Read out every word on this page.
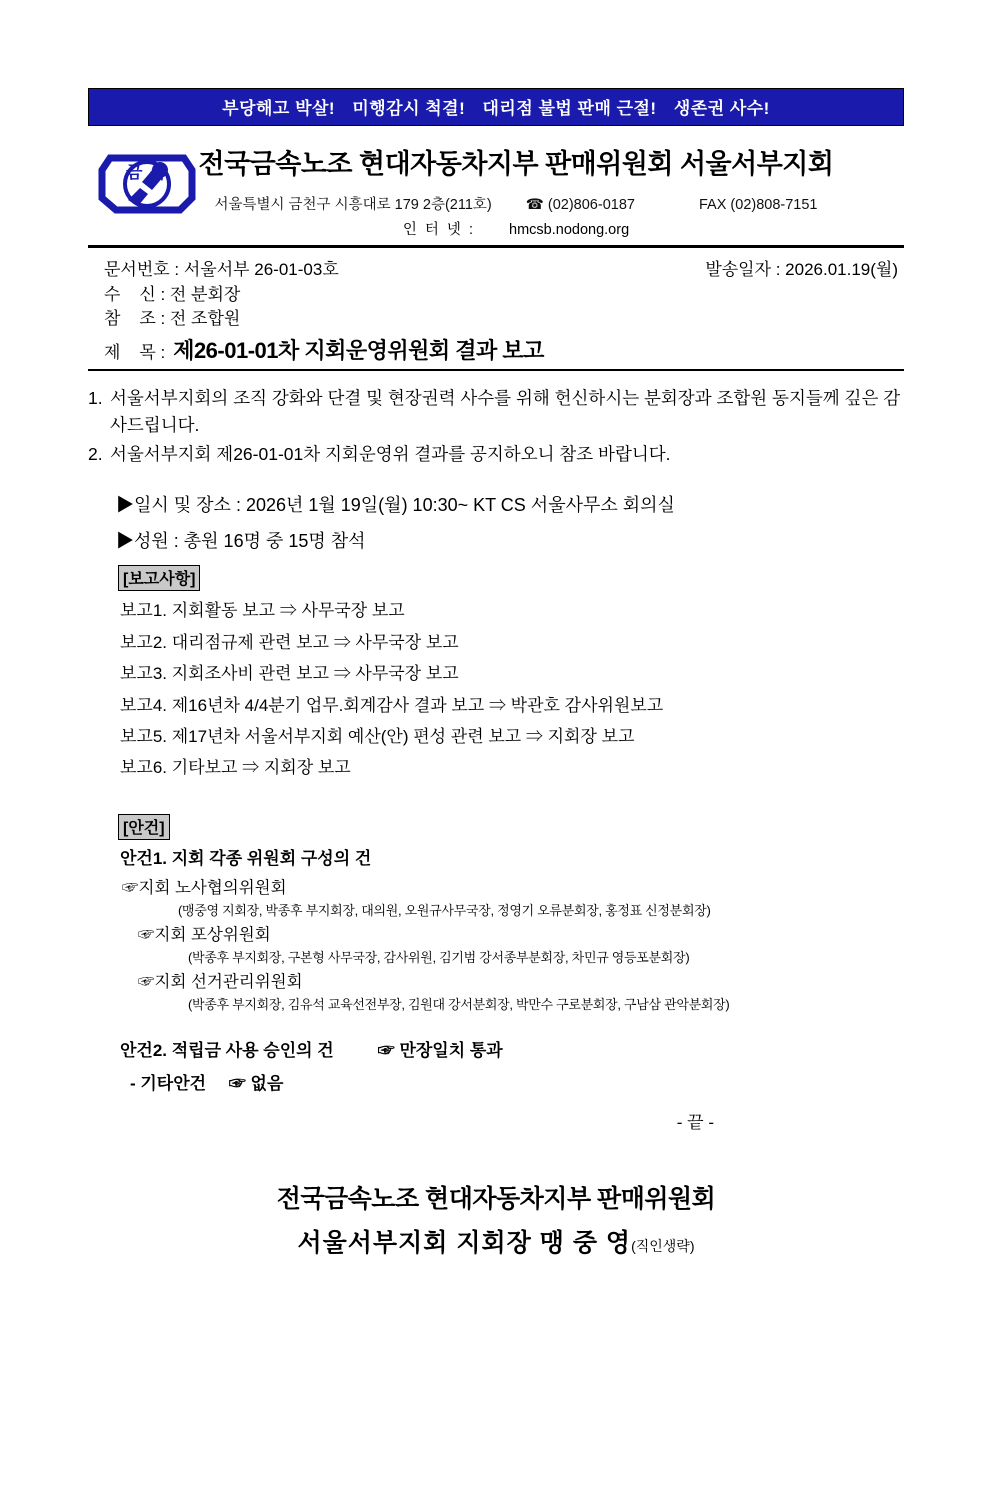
부당해고 박살! 미행감시 척결! 대리점 불법 판매 근절! 생존권 사수!
금 속	전국금속노조 현대자동차지부 판매위원회 서울서부지회
서울특별시 금천구 시흥대로 179 2층(211호) ☎ (02)806-0187	FAX (02)808-7151
인 터 넷 : hmcsb.nodong.org
문서번호 : 서울서부 26-01-03호	발송일자 : 2026.01.19(월)
수    신 : 전 분회장
참    조 : 전 조합원
제    목 : 제26-01-01차 지회운영위원회 결과 보고
1. 서울서부지회의 조직 강화와 단결 및 현장권력 사수를 위해 헌신하시는 분회장과 조합원 동지들께 깊은 감사드립니다.
2. 서울서부지회 제26-01-01차 지회운영위 결과를 공지하오니 참조 바랍니다.
▶일시 및 장소 : 2026년 1월 19일(월) 10:30~ KT CS 서울사무소 회의실
▶성원 : 총원 16명 중 15명 참석
[보고사항]
보고1. 지회활동 보고 ⇒ 사무국장 보고
보고2. 대리점규제 관련 보고 ⇒ 사무국장 보고
보고3. 지회조사비 관련 보고 ⇒ 사무국장 보고
보고4. 제16년차 4/4분기 업무.회계감사 결과 보고 ⇒ 박관호 감사위원보고
보고5. 제17년차 서울서부지회 예산(안) 편성 관련 보고 ⇒ 지회장 보고
보고6. 기타보고 ⇒ 지회장 보고
[안건]
안건1. 지회 각종 위원회 구성의 건
☞지회 노사협의위원회
(맹중영 지회장, 박종후 부지회장, 대의원, 오원규사무국장, 정영기 오류분회장, 홍정표 신정분회장)
☞지회 포상위원회
(박종후 부지회장, 구본형 사무국장, 감사위원, 김기범 강서종부분회장, 차민규 영등포분회장)
☞지회 선거관리위원회
(박종후 부지회장, 김유석 교육선전부장, 김원대 강서분회장, 박만수 구로분회장, 구남삼 관악분회장)
안건2. 적립금 사용 승인의 건	☞ 만장일치 통과
- 기타안건 ☞ 없음
- 끝 -
전국금속노조 현대자동차지부 판매위원회
서울서부지회 지회장 맹 중 영(직인생략)
